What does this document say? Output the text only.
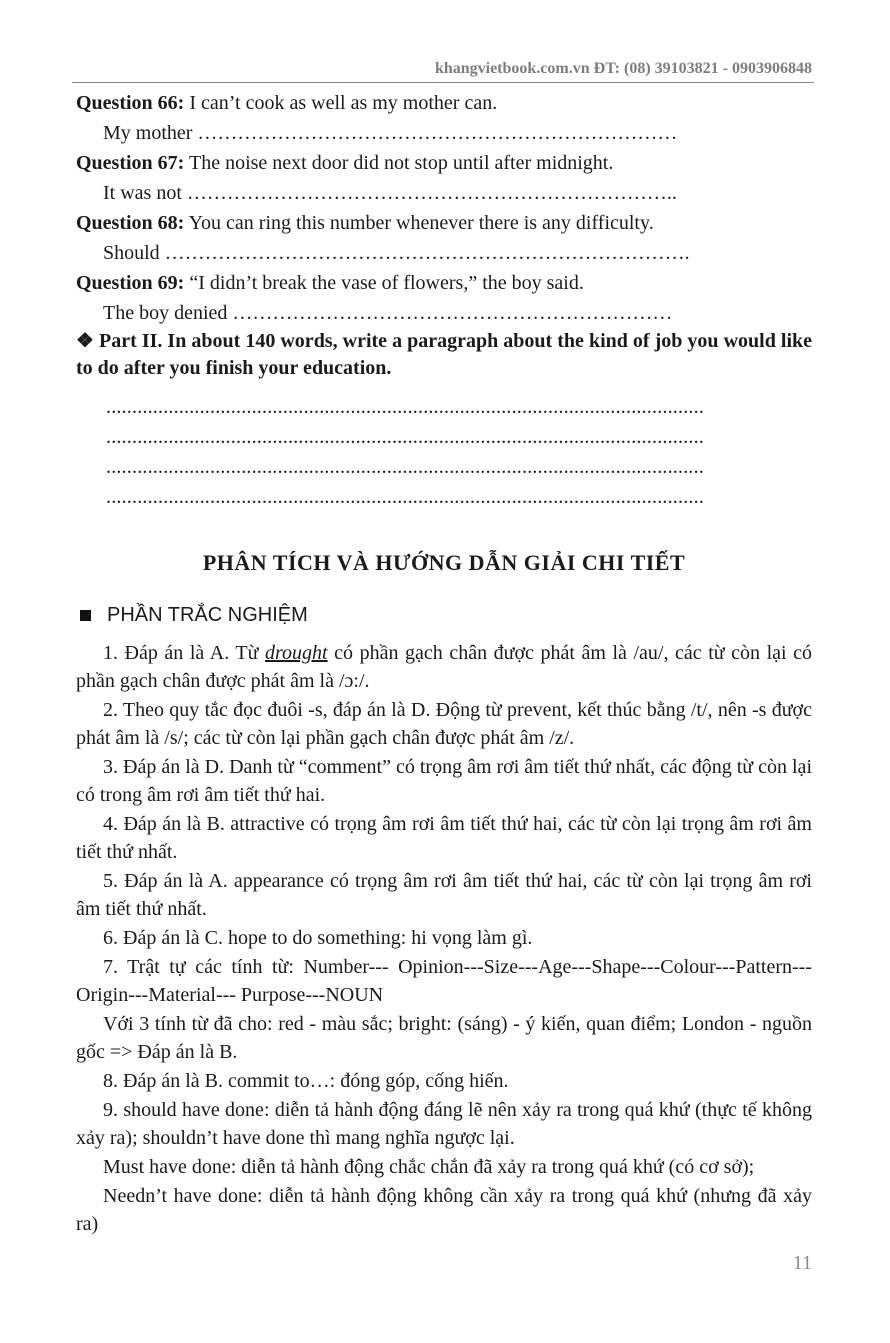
khangvietbook.com.vn ĐT: (08) 39103821 - 0903906848
Question 66: I can’t cook as well as my mother can.
My mother ………………………………………………………………
Question 67: The noise next door did not stop until after midnight.
It was not ………………………………………………………………..
Question 68: You can ring this number whenever there is any difficulty.
Should …………………………………………………………………….
Question 69: “I didn’t break the vase of flowers,” the boy said.
The boy denied …………………………………………………………
❖ Part II. In about 140 words, write a paragraph about the kind of job you would like to do after you finish your education.
...................................................................................................................
...................................................................................................................
...................................................................................................................
...................................................................................................................
PHÂN TÍCH VÀ HƯỚNG DẪN GIẢI CHI TIẾT
PHẦN TRẮC NGHIỆM

1. Đáp án là A. Từ drought có phần gạch chân được phát âm là /au/, các từ còn lại có phần gạch chân được phát âm là /ɔ:/.

2. Theo quy tắc đọc đuôi -s, đáp án là D. Động từ prevent, kết thúc bằng /t/, nên -s được phát âm là /s/; các từ còn lại phần gạch chân được phát âm /z/.

3. Đáp án là D. Danh từ “comment” có trọng âm rơi âm tiết thứ nhất, các động từ còn lại có trong âm rơi âm tiết thứ hai.

4. Đáp án là B. attractive có trọng âm rơi âm tiết thứ hai, các từ còn lại trọng âm rơi âm tiết thứ nhất.

5. Đáp án là A. appearance có trọng âm rơi âm tiết thứ hai, các từ còn lại trọng âm rơi âm tiết thứ nhất.

6. Đáp án là C. hope to do something: hi vọng làm gì.

7. Trật tự các tính từ: Number--- Opinion---Size---Age---Shape---Colour---Pattern---Origin---Material--- Purpose---NOUN

Với 3 tính từ đã cho: red - màu sắc; bright: (sáng) - ý kiến, quan điểm; London - nguồn gốc => Đáp án là B.

8. Đáp án là B. commit to…: đóng góp, cống hiến.

9. should have done: diễn tả hành động đáng lẽ nên xảy ra trong quá khứ (thực tế không xảy ra); shouldn’t have done thì mang nghĩa ngược lại.

Must have done: diễn tả hành động chắc chắn đã xảy ra trong quá khứ (có cơ sở);

Needn’t have done: diễn tả hành động không cần xảy ra trong quá khứ (nhưng đã xảy ra)

11
